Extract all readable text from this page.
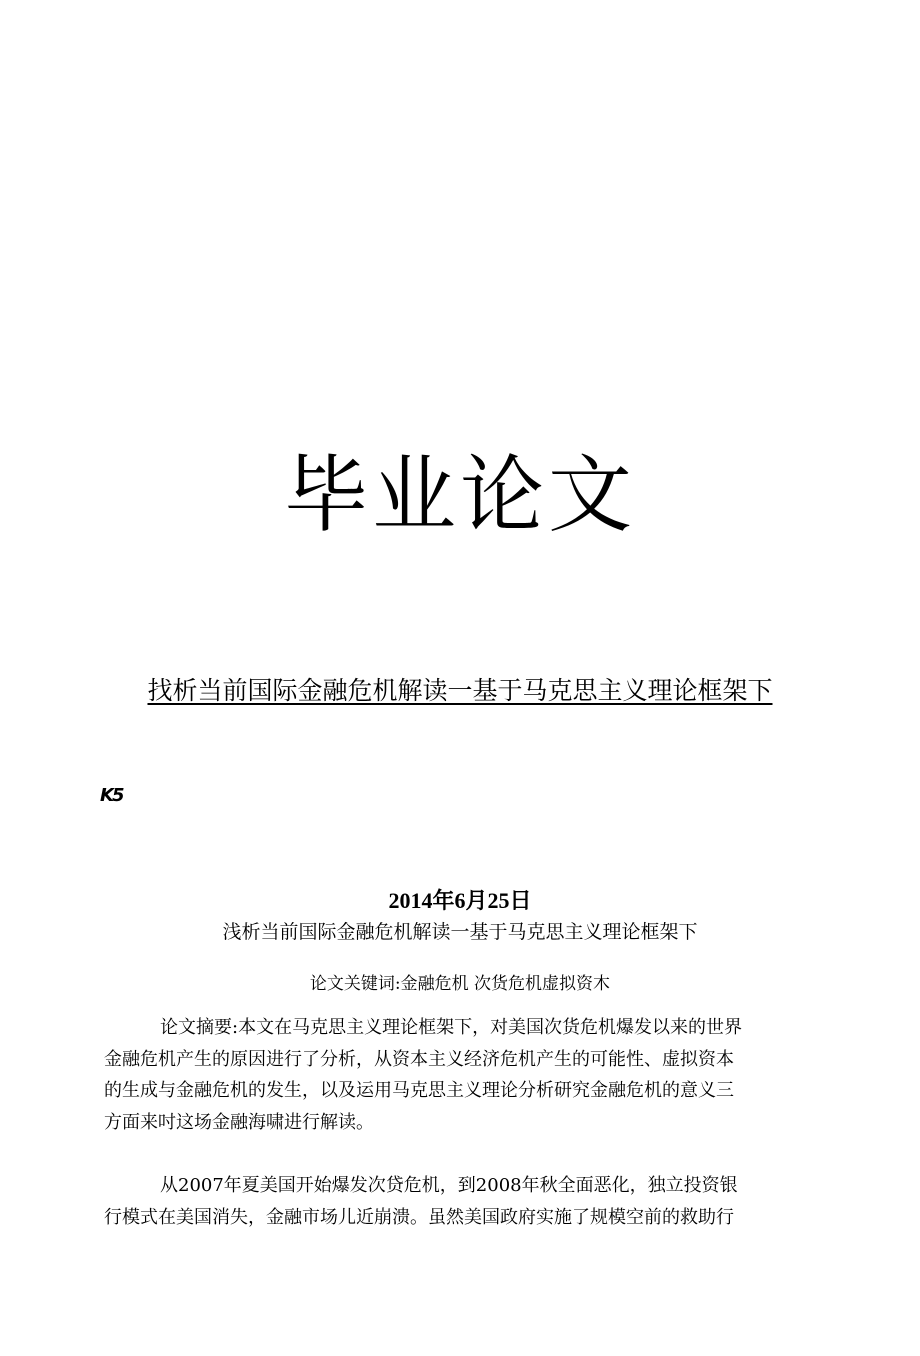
毕业论文
找析当前国际金融危机解读一基于马克思主义理论框架下
K5
2014年6月25日
浅析当前国际金融危机解读一基于马克思主义理论框架下
论文关键词:金融危机 次货危机虚拟资木
论文摘要:本文在马克思主义理论框架下，对美国次货危机爆发以来的世界
金融危机产生的原因进行了分析，从资本主义经济危机产生的可能性、虚拟资本
的生成与金融危机的发生，以及运用马克思主义理论分析研究金融危机的意义三
方面来吋这场金融海啸进行解读。
从2007年夏美国开始爆发次贷危机，到2008年秋全面恶化，独立投资银
行模式在美国消失，金融市场儿近崩溃。虽然美国政府实施了规模空前的救助行
